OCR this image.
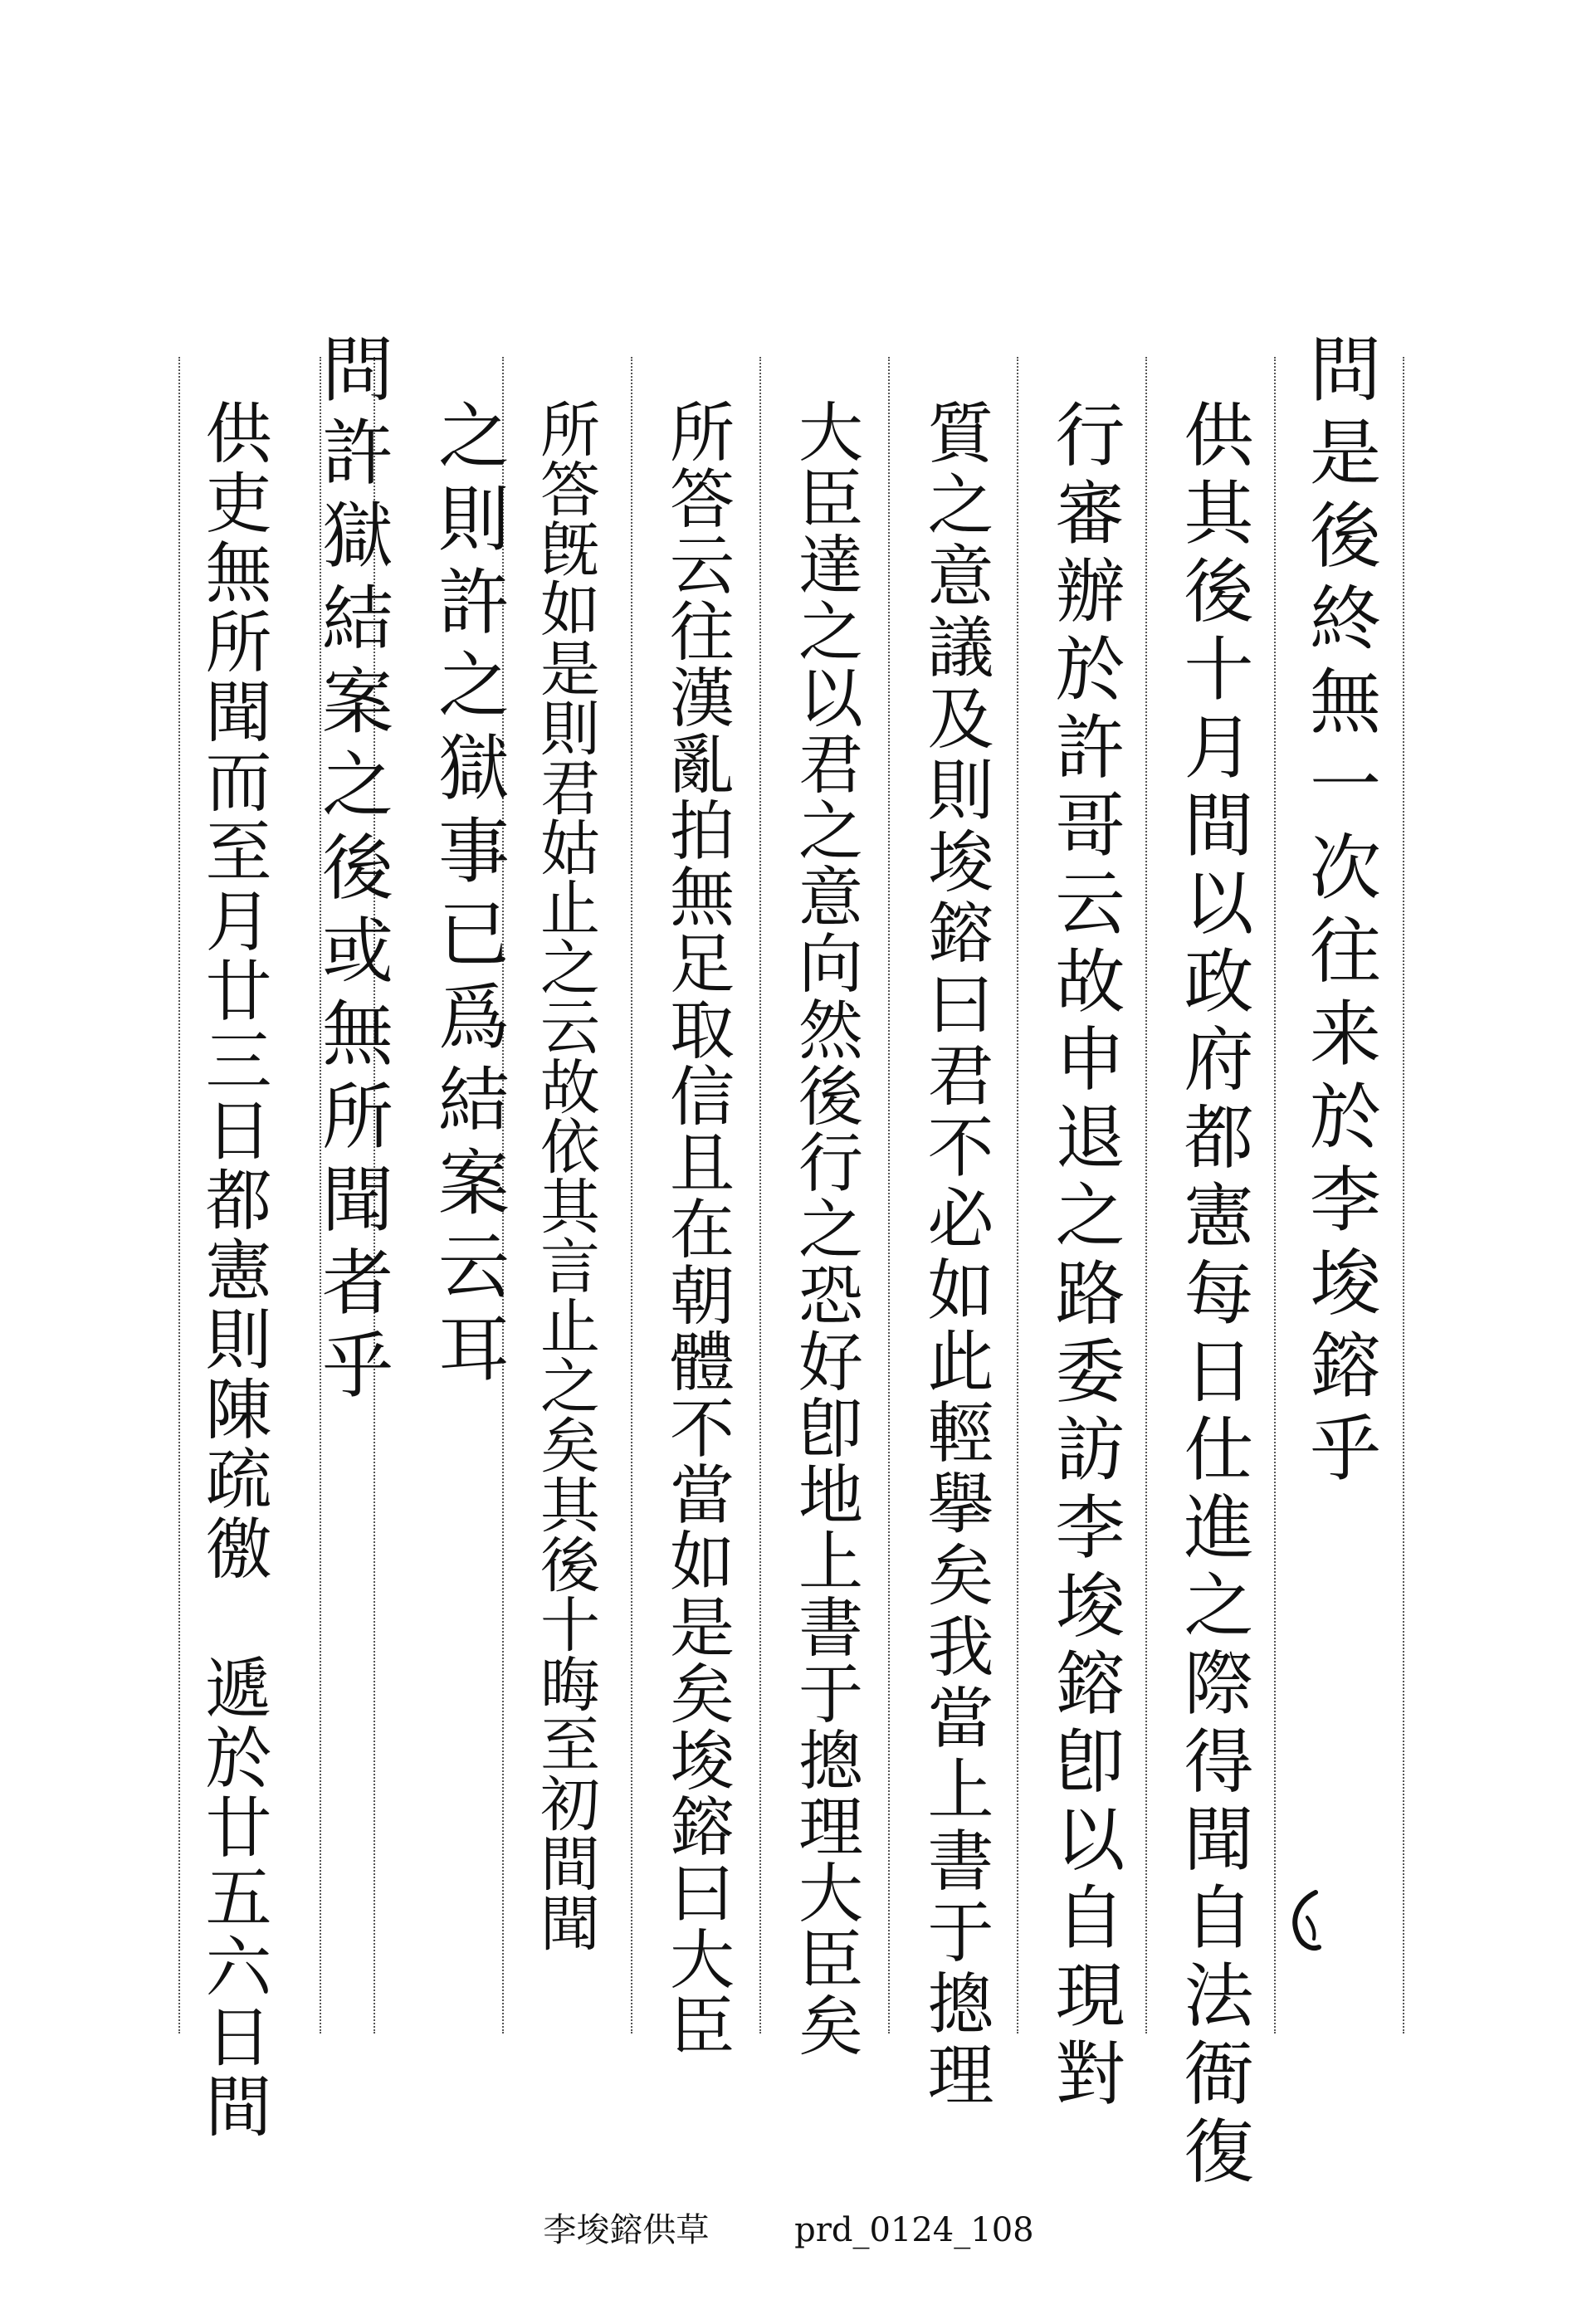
問是後終無一次往来於李埈鎔乎
供其後十月間以政府都憲每日仕進之際得聞自法衙復
行審辦於許哥云故申退之路委訪李埈鎔卽以自現對
質之意議及則埈鎔曰君不必如此輕擧矣我當上書于摠理
大臣達之以君之意向然後行之恐好卽地上書于摠理大臣矣
所答云往漢亂拍無足取信且在朝體不當如是矣埈鎔曰大臣
所答旣如是則君姑止之云故依其言止之矣其後十晦至初間聞
之則許之獄事已爲結案云耳
問許獄結案之後或無所聞者乎
供吏無所聞而至月廿三日都憲則陳疏徼　遞於廿五六日間
李埈鎔供草	prd_0124_108
